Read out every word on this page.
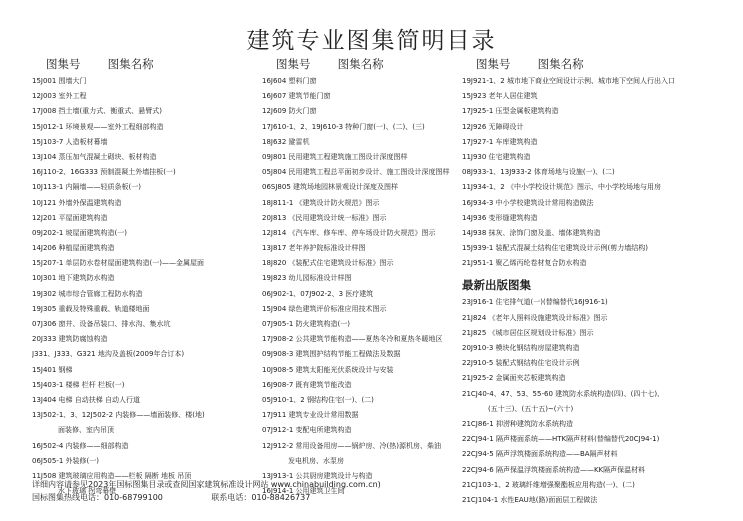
建筑专业图集简明目录
图集号 图集名称
15J001 围墙大门
12J003 室外工程
17J008 挡土墙(重力式、衡重式、悬臂式)
15J012-1 环境景观——室外工程细部构造
15J103-7 人造板材幕墙
13J104 蒸压加气混凝土砌块、板材构造
16J110-2、16G333 预制混凝土外墙挂板(一)
10J113-1 内隔墙——轻质条板(一)
10J121 外墙外保温建筑构造
12J201 平屋面建筑构造
09J202-1 坡屋面建筑构造(一)
14J206 种植屋面建筑构造
15J207-1 单层防水卷材屋面建筑构造(一)——金属屋面
10J301 地下建筑防水构造
19J302 城市综合管廊工程防水构造
19J305 重载及特殊重载、轨道楼地面
07J306 窗井、设备吊装口、排水沟、集水坑
20J333 建筑防腐蚀构造
J331、J333、G321 地沟及盖板(2009年合订本)
15J401 钢梯
15J403-1 楼梯 栏杆 栏板(一)
13J404 电梯 自动扶梯 自动人行道
13J502-1、3、12J502-2 内装修——墙面装修、楼(地)
面装修、室内吊顶
16J502-4 内装修——细部构造
06J505-1 外装修(一)
11J508 建筑玻璃应用构造——栏板 隔断 地板 吊顶
水下玻璃 拐弯幕壁
图集号 图集名称
16J604 塑料门窗
16J607 建筑节能门窗
12J609 防火门窗
17J610-1、2、19J610-3 特种门窗(一)、(二)、(三)
18J632 避雷机
09J801 民用建筑工程建筑施工图设计深度图样
05J804 民用建筑工程总平面初步设计、施工图设计深度图样
06SJ805 建筑场地园林景观设计深度及图样
18J811-1 《建筑设计防火规范》图示
20J813 《民用建筑设计统一标准》图示
12J814 《汽车库、修车库、停车场设计防火规范》图示
13J817 老年养护院标准设计样图
18J820 《装配式住宅建筑设计标准》图示
19J823 幼儿园标准设计样图
06J902-1、07J902-2、3 医疗建筑
15J904 绿色建筑评价标准应用技术图示
07J905-1 防火建筑构造(一)
17J908-2 公共建筑节能构造——夏热冬冷和夏热冬暖地区
09J908-3 建筑围护结构节能工程做法及数据
10J908-5 建筑太阳能光伏系统设计与安装
16J908-7 既有建筑节能改造
05J910-1、2 钢结构住宅(一)、(二)
17J911 建筑专业设计常用数据
07J912-1 变配电所建筑构造
12J912-2 常用设备用房——锅炉房、冷(热)源机房、柴油
发电机房、水泵房
13J913-1 公共厨房建筑设计与构造
16J914-1 公用建筑卫生间
图集号 图集名称
19J921-1、2 城市地下商业空间设计示例、城市地下空间人行出入口
15J923 老年人居住建筑
17J925-1 压型金属板建筑构造
12J926 无障碍设计
17J927-1 车库建筑构造
11J930 住宅建筑构造
08J933-1、13J933-2 体育场地与设施(一)、(二)
11J934-1、2 《中小学校设计规范》图示、中小学校场地与用房
16J934-3 中小学校建筑设计常用构造做法
14J936 变形缝建筑构造
14J938 抹灰、涂饰门窗及盖、墙体建筑构造
15J939-1 装配式混凝土结构住宅建筑设计示例(剪力墙结构)
21J951-1 聚乙烯丙纶卷材复合防水构造
最新出版图集
23J916-1 住宅排气道(一)(替编替代16J916-1)
21J824 《老年人照料设施建筑设计标准》图示
21J825 《城市居住区规划设计标准》图示
20J910-3 模块化钢结构房屋建筑构造
22J910-5 装配式钢结构住宅设计示例
21J925-2 金属面夹芯板建筑构造
21CJ40-4、47、53、55-60 建筑防水系统构造(四)、(四十七)、
(五十三)、(五十五)~(六十)
21CJ86-1 抑涝种建筑防水系统构造
22CJ94-1 隔声楼面系统——HTK隔声材料(替编替代20CJ94-1)
22CJ94-5 隔声浮筑楼面系统构造——BA隔声材料
22CJ94-6 隔声保温浮筑楼面系统构造——KK隔声保温材料
21CJ103-1、2 玻璃纤维增强聚酯板应用构造(一)、(二)
21CJ104-1 水性EAU地(路)面面层工程做法
详细内容请参见2023年国标图集目录或查阅国家建筑标准设计网站 www.chinabuilding.com.cn)
国标图集热线电话：010-68799100	联系电话：010-88426737
